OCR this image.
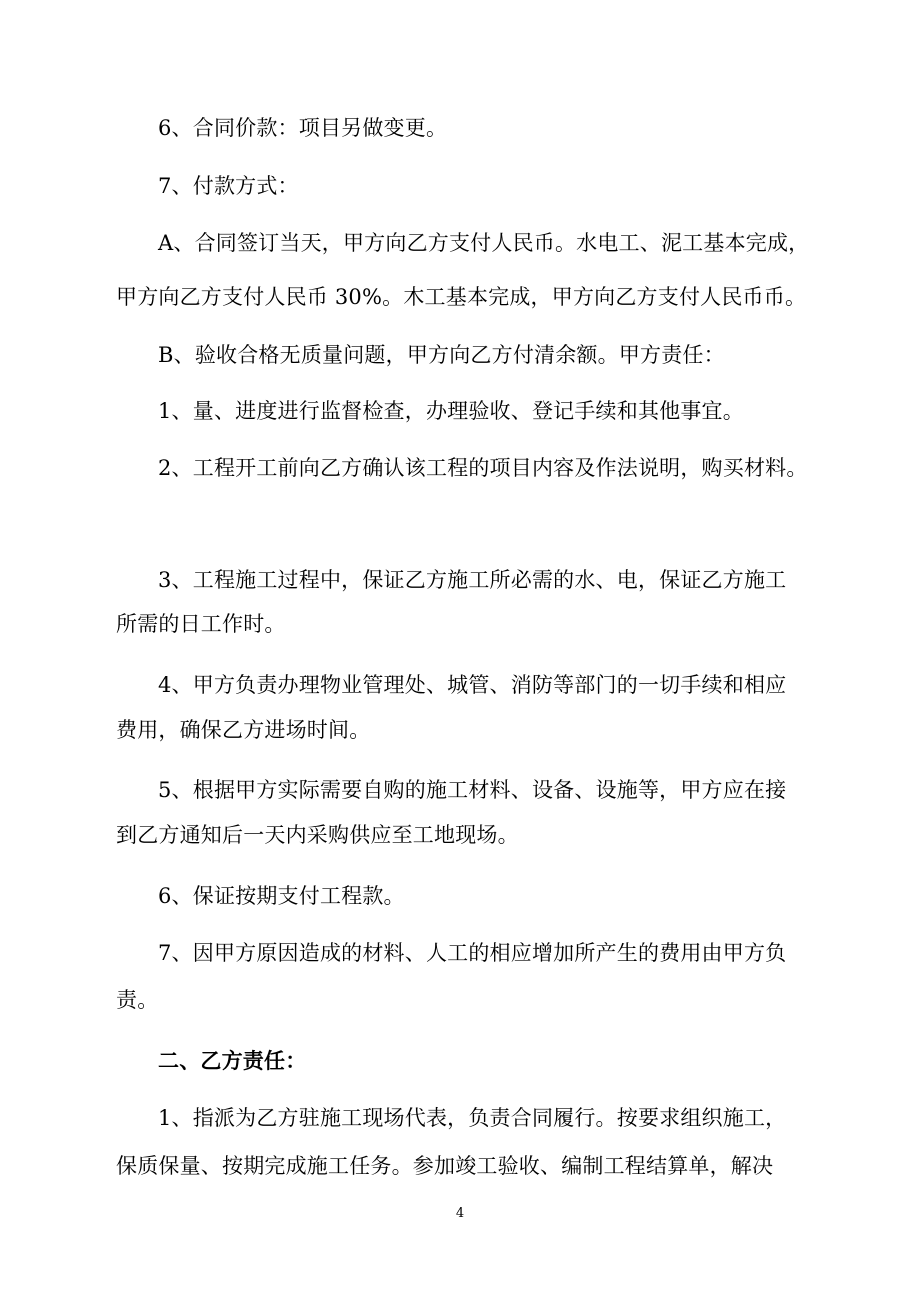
6、合同价款：项目另做变更。
7、付款方式：
A、合同签订当天，甲方向乙方支付人民币。水电工、泥工基本完成，
甲方向乙方支付人民币 30%。木工基本完成，甲方向乙方支付人民币币。
B、验收合格无质量问题，甲方向乙方付清余额。甲方责任：
1、量、进度进行监督检查，办理验收、登记手续和其他事宜。
2、工程开工前向乙方确认该工程的项目内容及作法说明，购买材料。
3、工程施工过程中，保证乙方施工所必需的水、电，保证乙方施工
所需的日工作时。
4、甲方负责办理物业管理处、城管、消防等部门的一切手续和相应
费用，确保乙方进场时间。
5、根据甲方实际需要自购的施工材料、设备、设施等，甲方应在接
到乙方通知后一天内采购供应至工地现场。
6、保证按期支付工程款。
7、因甲方原因造成的材料、人工的相应增加所产生的费用由甲方负
责。
二、乙方责任：
1、指派为乙方驻施工现场代表，负责合同履行。按要求组织施工，
保质保量、按期完成施工任务。参加竣工验收、编制工程结算单，解决
4
